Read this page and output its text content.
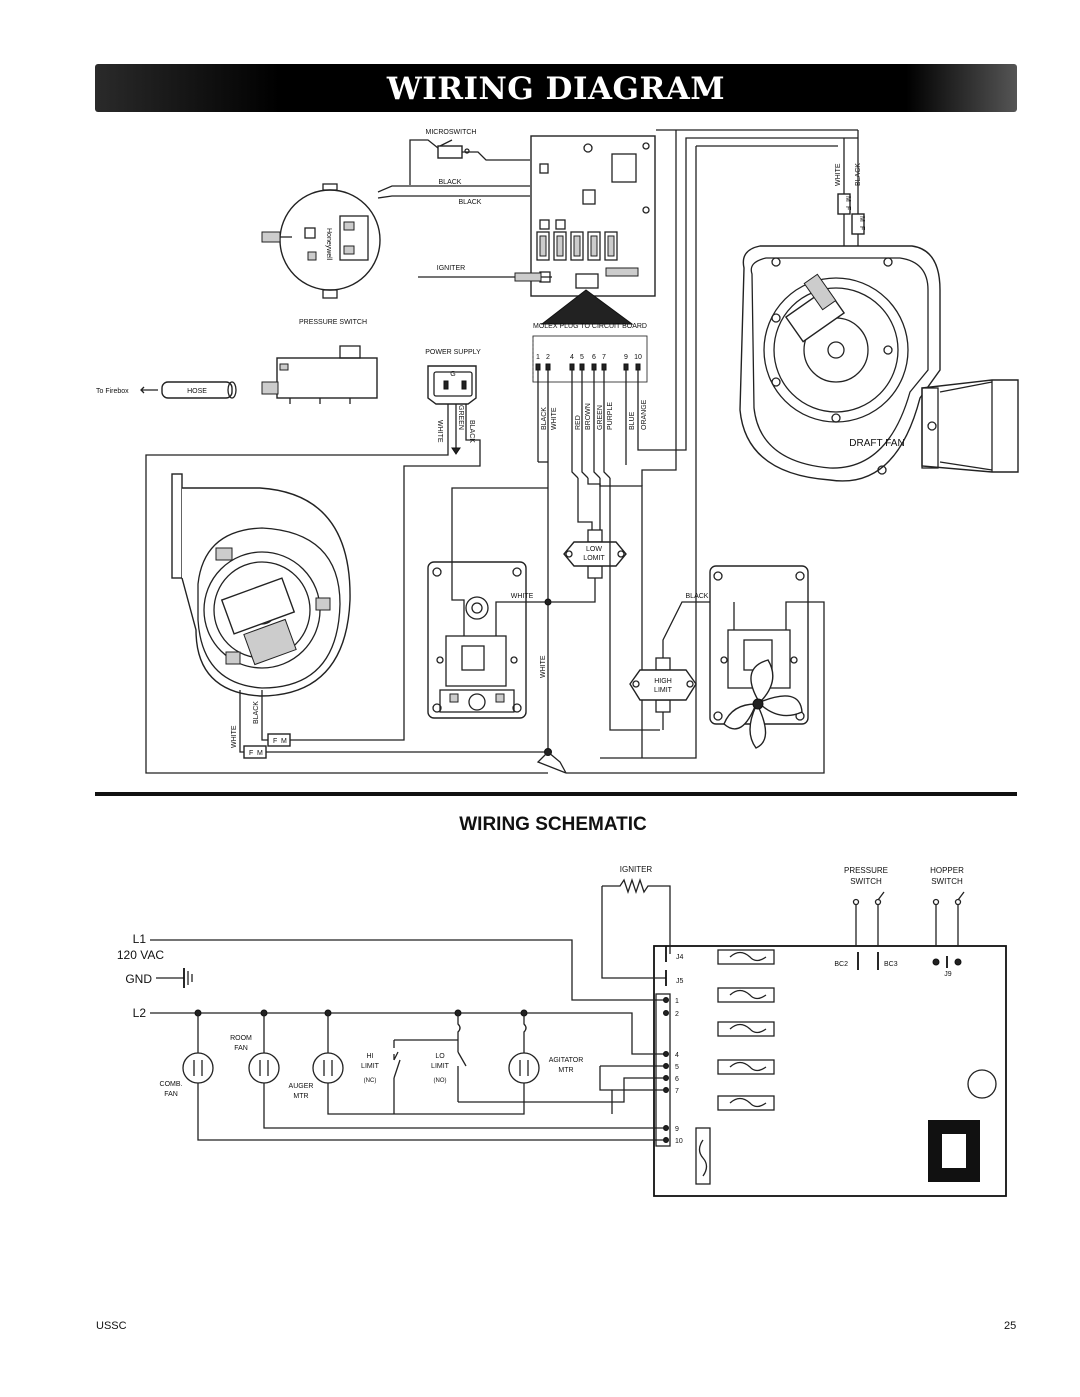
WIRING DIAGRAM
MOLEX PLUG TO CIRCUIT BOARD
1 2	4 5 6 7	9 10
BLACK WHITE RED BROWN GREEN PURPLE BLUE ORANGE
MICROSWITCH
BLACK
BLACK
Honeywell
PRESSURE SWITCH
IGNITER
HOSE
To Firebox
POWER SUPPLY
G
WHITE
GREEN
BLACK
DRAFT FAN
WHITE BLACK
M
F
M
F
WHITE
BLACK
F M
F M
WHITE
WHITE
LOW
LOMIT
HIGH
LIMIT
BLACK
WIRING SCHEMATIC
L1
120 VAC
GND
L2
IGNITER
J4
J5
1
2
4
5
6
7
9
10
COMB.
FAN
ROOM
FAN
AUGER
MTR
HI
LIMIT
(NC)
LO
LIMIT
(NO)
AGITATOR
MTR
PRESSURE
SWITCH
BC2	BC3
HOPPER
SWITCH
J9
USSC	25
